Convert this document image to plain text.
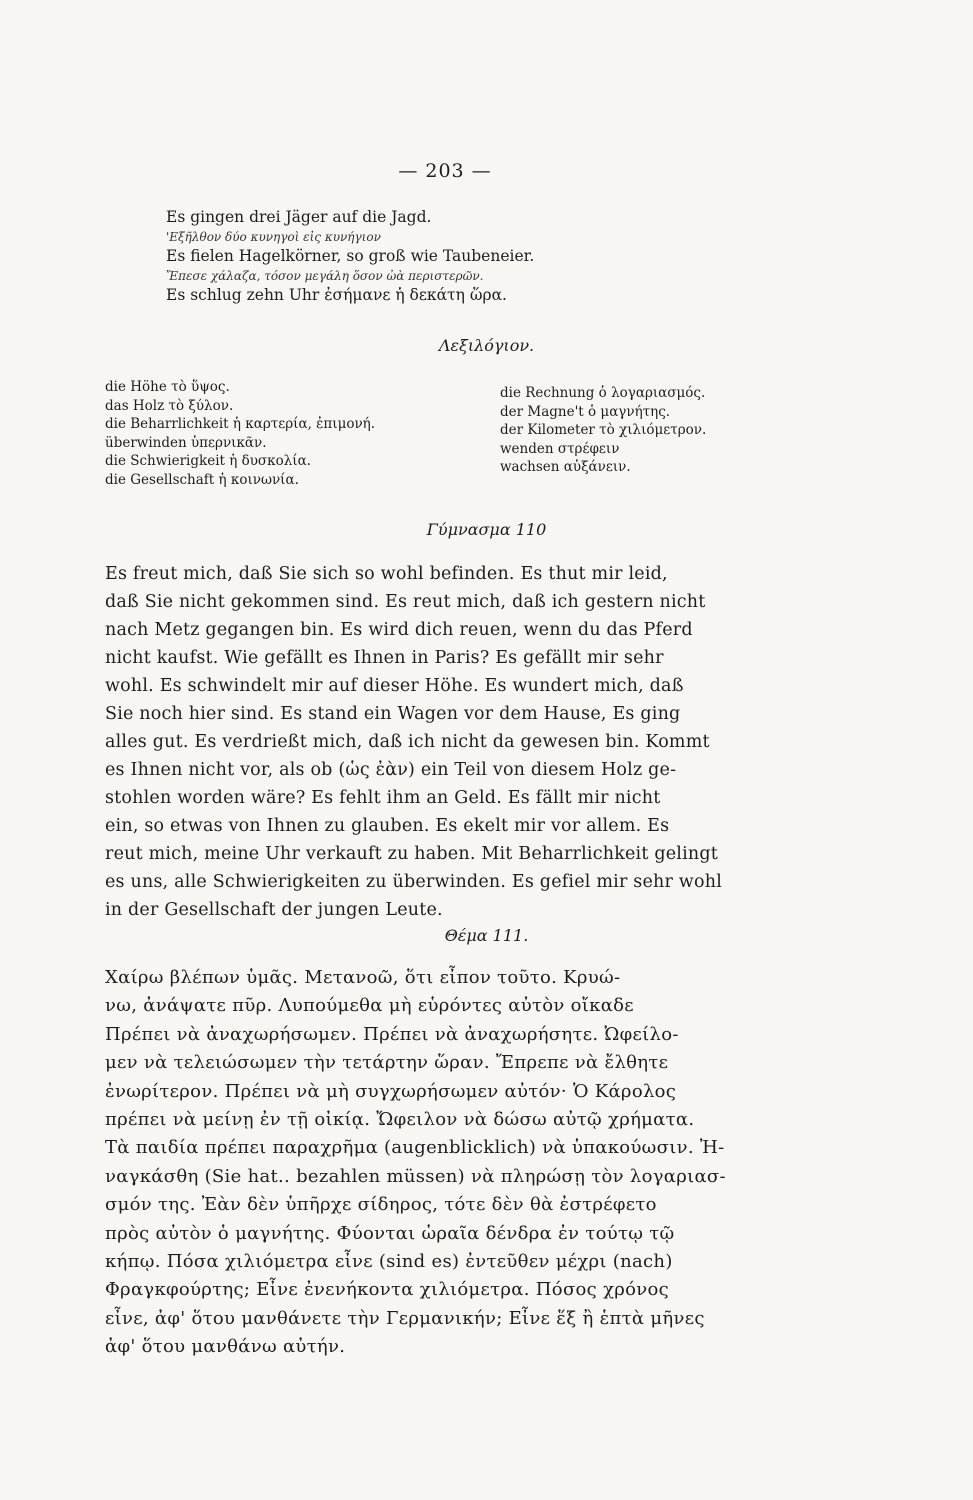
— 203 —
Es gingen drei Jäger auf die Jagd.
'Εξῆλθον δύο κυνηγοὶ εἰς κυνήγιον
Es fielen Hagelkörner, so groß wie Taubeneier.
Ἔπεσε χάλαζα, τόσον μεγάλη ὅσον ὠὰ περιστερῶν.
Es schlug zehn Uhr ἐσήμανε ἡ δεκάτη ὥρα.
Λεξιλόγιον.
die Höhe τὸ ὕψος.
das Holz τὸ ξύλον.
die Beharrlichkeit ἡ καρτερία, ἐπιμονή.
überwinden ὑπερνικᾶν.
die Schwierigkeit ἡ δυσκολία.
die Gesellschaft ἡ κοινωνία.
die Rechnung ὁ λογαριασμός.
der Magne't ὁ μαγνήτης.
der Kilometer τὸ χιλιόμετρον.
wenden στρέφειν
wachsen αὐξάνειν.
Γύμνασμα 110
Es freut mich, daß Sie sich so wohl befinden. Es thut mir leid,
daß Sie nicht gekommen sind. Es reut mich, daß ich gestern nicht
nach Metz gegangen bin. Es wird dich reuen, wenn du das Pferd
nicht kaufst. Wie gefällt es Ihnen in Paris? Es gefällt mir sehr
wohl. Es schwindelt mir auf dieser Höhe. Es wundert mich, daß
Sie noch hier sind. Es stand ein Wagen vor dem Hause, Es ging
alles gut. Es verdrießt mich, daß ich nicht da gewesen bin. Kommt
es Ihnen nicht vor, als ob (ὡς ἐὰν) ein Teil von diesem Holz ge-
stohlen worden wäre? Es fehlt ihm an Geld. Es fällt mir nicht
ein, so etwas von Ihnen zu glauben. Es ekelt mir vor allem. Es
reut mich, meine Uhr verkauft zu haben. Mit Beharrlichkeit gelingt
es uns, alle Schwierigkeiten zu überwinden. Es gefiel mir sehr wohl
in der Gesellschaft der jungen Leute.
Θέμα 111.
Χαίρω βλέπων ὑμᾶς. Μετανοῶ, ὅτι εἶπον τοῦτο. Κρυώ-
νω, ἀνάψατε πῦρ. Λυπούμεθα μὴ εὑρόντες αὐτὸν οἴκαδε
Πρέπει νὰ ἀναχωρήσωμεν. Πρέπει νὰ ἀναχωρήσητε. Ὠφείλο-
μεν νὰ τελειώσωμεν τὴν τετάρτην ὥραν. Ἔπρεπε νὰ ἔλθητε
ἐνωρίτερον. Πρέπει νὰ μὴ συγχωρήσωμεν αὐτόν· Ὁ Κάρολος
πρέπει νὰ μείνῃ ἐν τῇ οἰκίᾳ. Ὤφειλον νὰ δώσω αὐτῷ χρήματα.
Τὰ παιδία πρέπει παραχρῆμα (augenblicklich) νὰ ὑπακούωσιν. Ἠ-
ναγκάσθη (Sie hat.. bezahlen müssen) νὰ πληρώσῃ τὸν λογαριασ-
σμόν της. Ἐὰν δὲν ὑπῆρχε σίδηρος, τότε δὲν θὰ ἐστρέφετο
πρὸς αὐτὸν ὁ μαγνήτης. Φύονται ὡραῖα δένδρα ἐν τούτῳ τῷ
κήπῳ. Πόσα χιλιόμετρα εἶνε (sind es) ἐντεῦθεν μέχρι (nach)
Φραγκφούρτης; Εἶνε ἐνενήκοντα χιλιόμετρα. Πόσος χρόνος
εἶνε, ἀφ' ὅτου μανθάνετε τὴν Γερμανικήν; Εἶνε ἕξ ἢ ἑπτὰ μῆνες
ἀφ' ὅτου μανθάνω αὐτήν.
